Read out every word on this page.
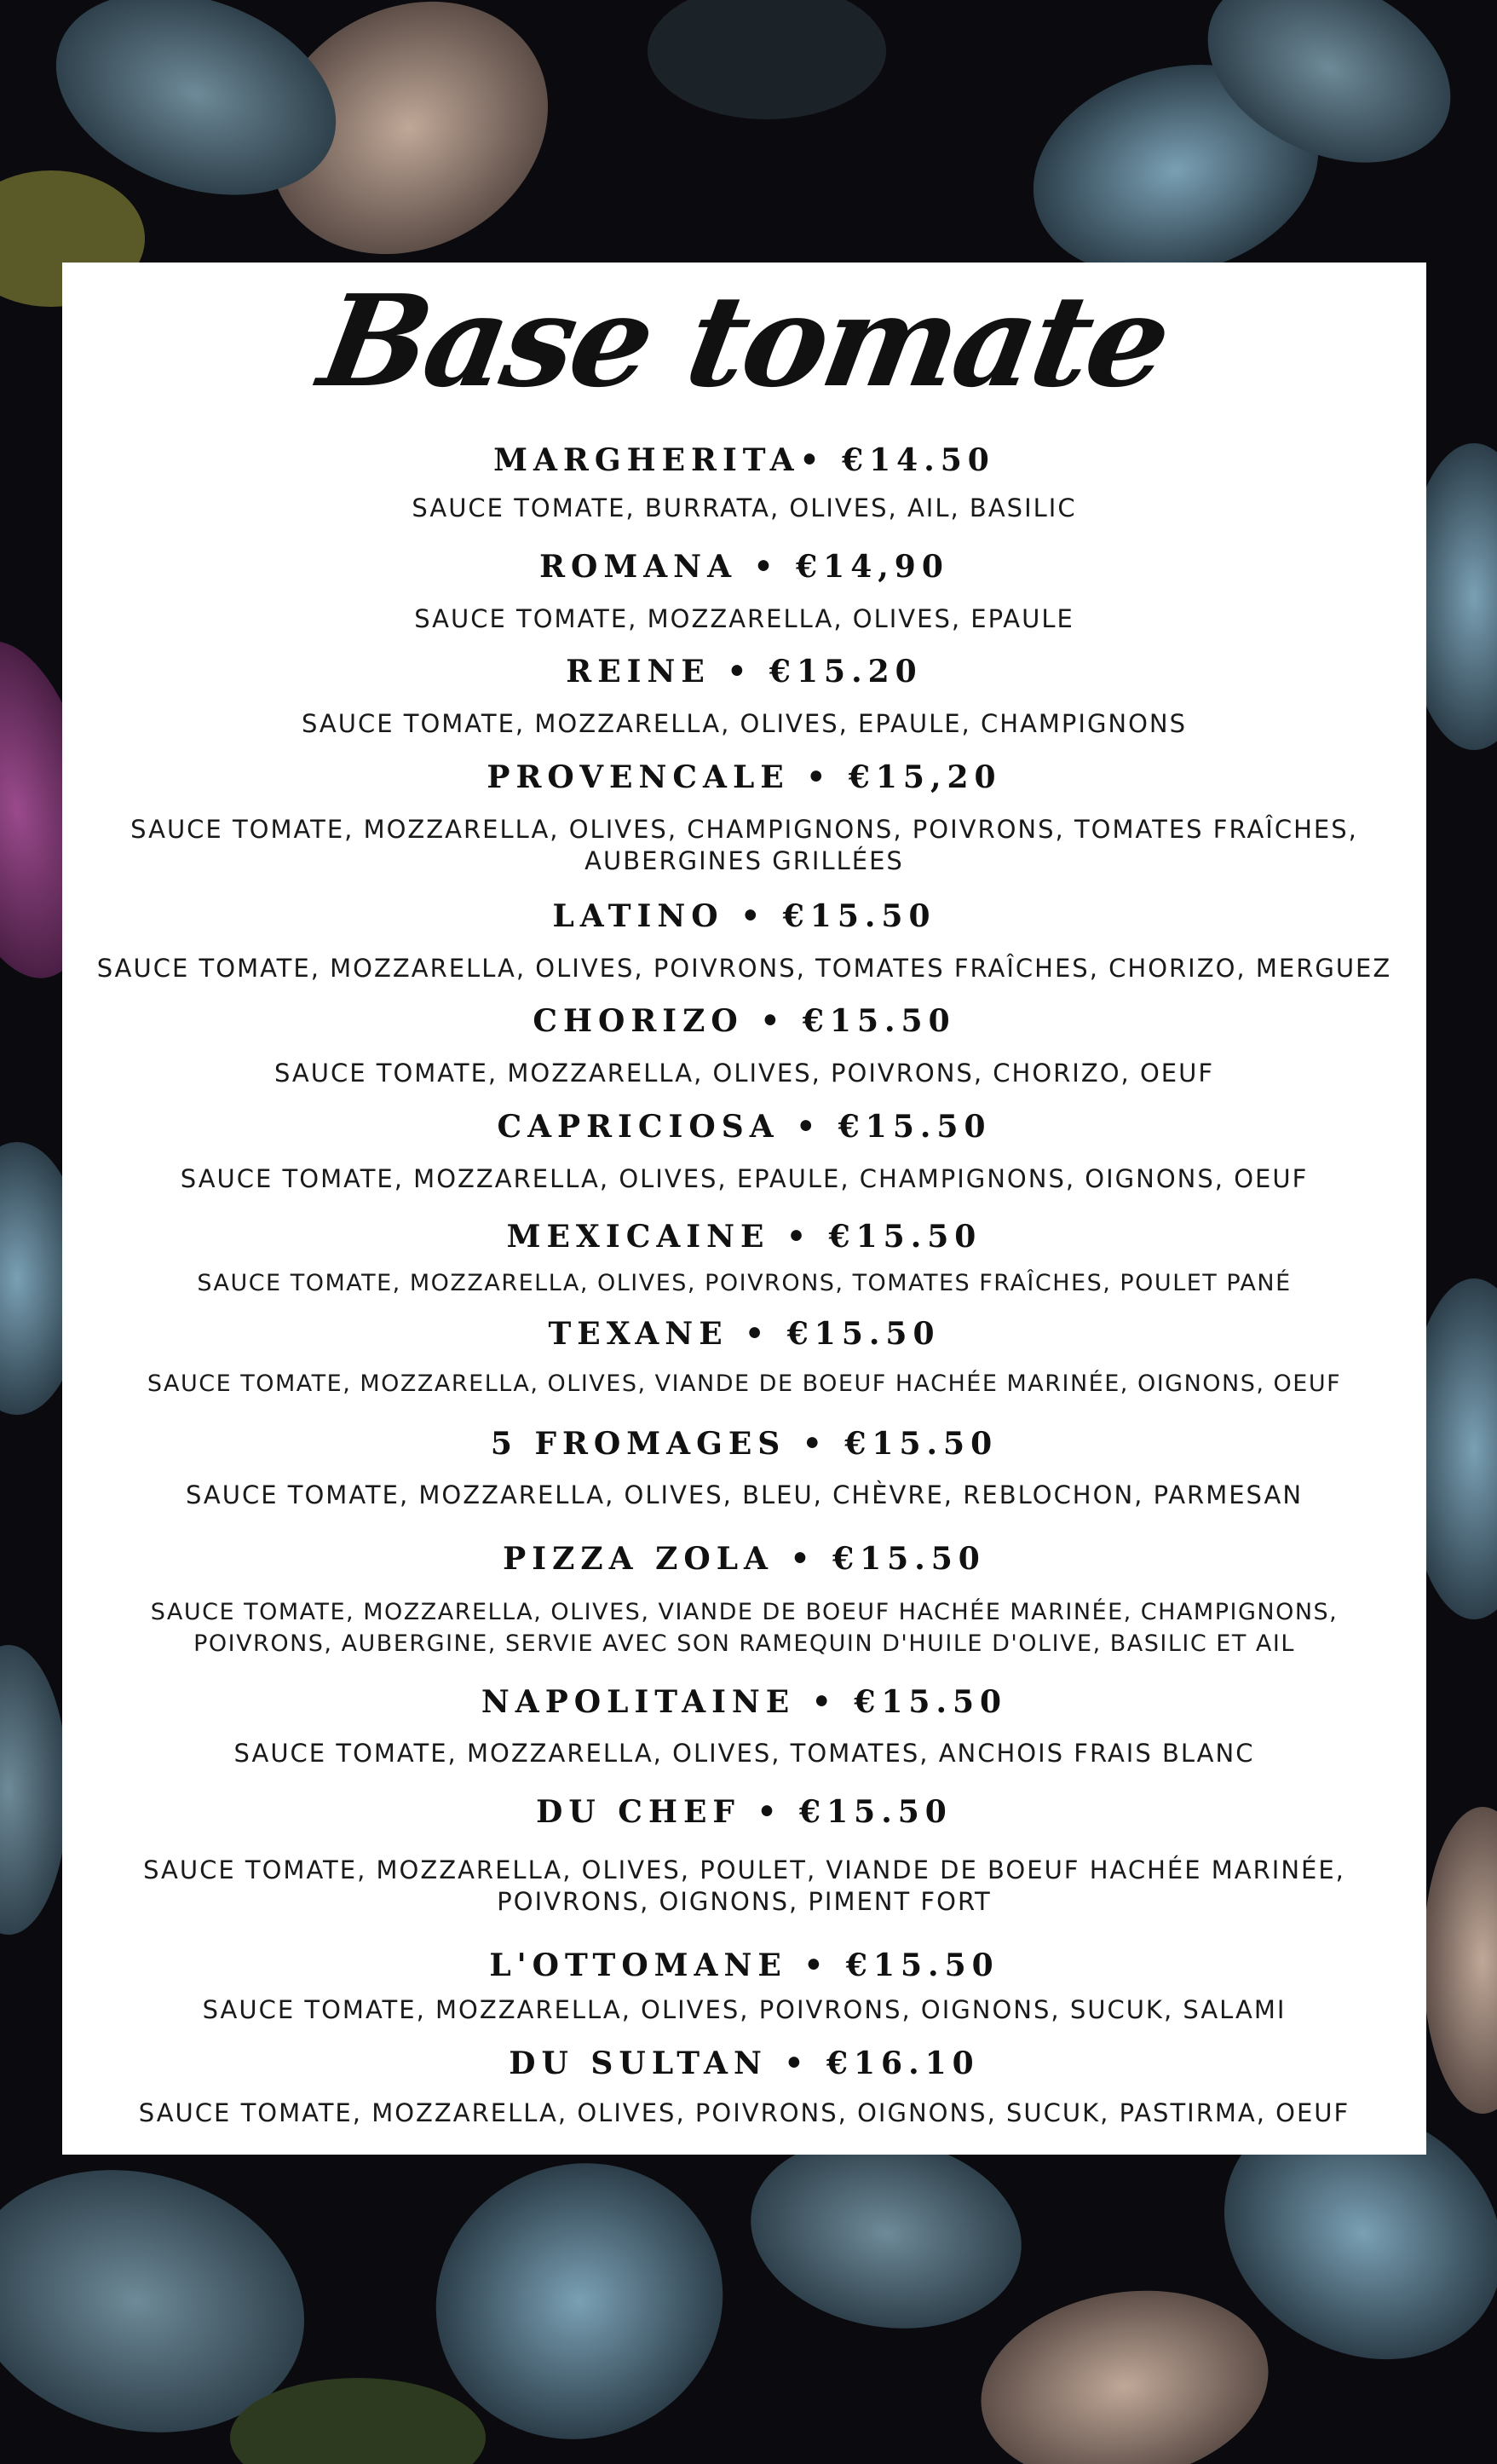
Base tomate
MARGHERITA• €14.50
SAUCE TOMATE, BURRATA, OLIVES, AIL, BASILIC
ROMANA • €14,90
SAUCE TOMATE, MOZZARELLA, OLIVES, EPAULE
REINE • €15.20
SAUCE TOMATE, MOZZARELLA, OLIVES, EPAULE, CHAMPIGNONS
PROVENCALE • €15,20
SAUCE TOMATE, MOZZARELLA, OLIVES, CHAMPIGNONS, POIVRONS, TOMATES FRAÎCHES, AUBERGINES GRILLÉES
LATINO • €15.50
SAUCE TOMATE, MOZZARELLA, OLIVES, POIVRONS, TOMATES FRAÎCHES, CHORIZO, MERGUEZ
CHORIZO • €15.50
SAUCE TOMATE, MOZZARELLA, OLIVES, POIVRONS, CHORIZO, OEUF
CAPRICIOSA • €15.50
SAUCE TOMATE, MOZZARELLA, OLIVES, EPAULE, CHAMPIGNONS, OIGNONS, OEUF
MEXICAINE • €15.50
SAUCE TOMATE, MOZZARELLA, OLIVES, POIVRONS, TOMATES FRAÎCHES, POULET PANÉ
TEXANE • €15.50
SAUCE TOMATE, MOZZARELLA, OLIVES, VIANDE DE BOEUF HACHÉE MARINÉE, OIGNONS, OEUF
5 FROMAGES • €15.50
SAUCE TOMATE, MOZZARELLA, OLIVES, BLEU, CHÈVRE, REBLOCHON, PARMESAN
PIZZA ZOLA • €15.50
SAUCE TOMATE, MOZZARELLA, OLIVES, VIANDE DE BOEUF HACHÉE MARINÉE, CHAMPIGNONS, POIVRONS, AUBERGINE, SERVIE AVEC SON RAMEQUIN D'HUILE D'OLIVE, BASILIC ET AIL
NAPOLITAINE • €15.50
SAUCE TOMATE, MOZZARELLA, OLIVES, TOMATES, ANCHOIS FRAIS BLANC
DU CHEF • €15.50
SAUCE TOMATE, MOZZARELLA, OLIVES, POULET, VIANDE DE BOEUF HACHÉE MARINÉE, POIVRONS, OIGNONS, PIMENT FORT
L'OTTOMANE • €15.50
SAUCE TOMATE, MOZZARELLA, OLIVES, POIVRONS, OIGNONS, SUCUK, SALAMI
DU SULTAN • €16.10
SAUCE TOMATE, MOZZARELLA, OLIVES, POIVRONS, OIGNONS, SUCUK, PASTIRMA, OEUF
